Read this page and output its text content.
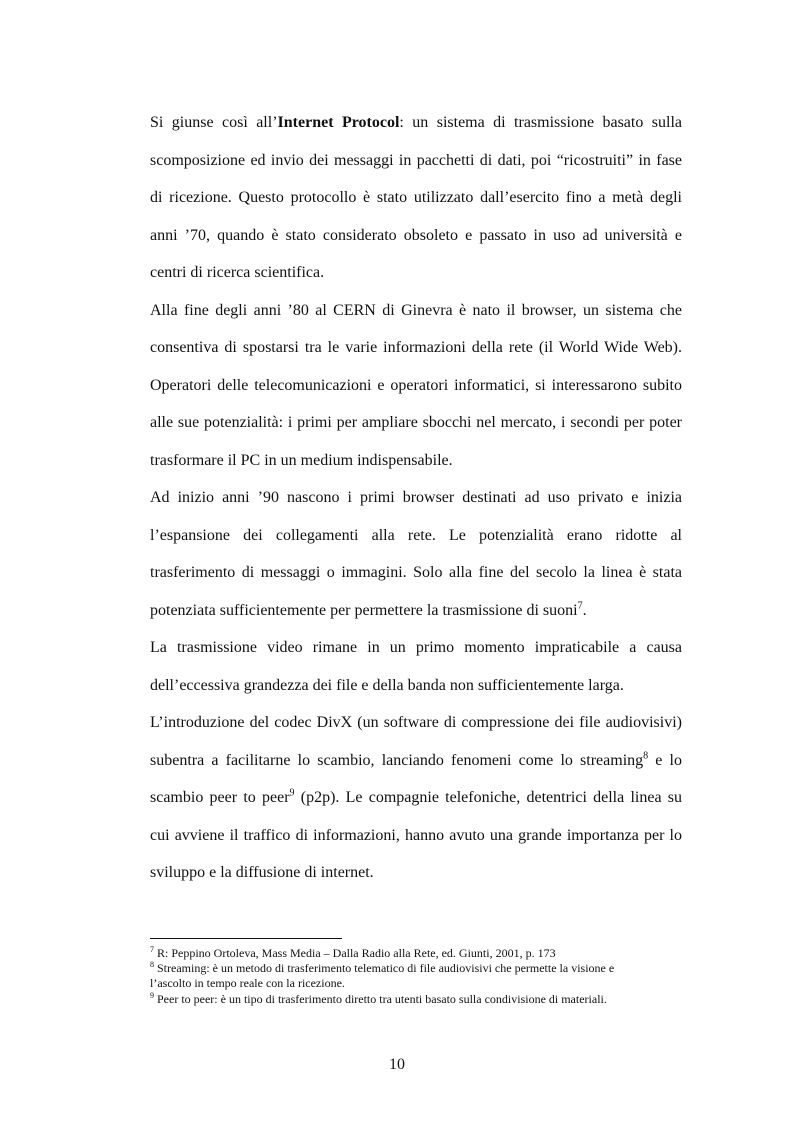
Si giunse così all’Internet Protocol: un sistema di trasmissione basato sulla
scomposizione ed invio dei messaggi in pacchetti di dati, poi “ricostruiti” in fase
di ricezione. Questo protocollo è stato utilizzato dall’esercito fino a metà degli
anni ’70, quando è stato considerato obsoleto e passato in uso ad università e
centri di ricerca scientifica.

Alla fine degli anni ’80 al CERN di Ginevra è nato il browser, un sistema che
consentiva di spostarsi tra le varie informazioni della rete (il World Wide Web).
Operatori delle telecomunicazioni e operatori informatici, si interessarono subito
alle sue potenzialità: i primi per ampliare sbocchi nel mercato, i secondi per poter
trasformare il PC in un medium indispensabile.

Ad inizio anni ’90 nascono i primi browser destinati ad uso privato e inizia
l’espansione dei collegamenti alla rete. Le potenzialità erano ridotte al
trasferimento di messaggi o immagini. Solo alla fine del secolo la linea è stata
potenziata sufficientemente per permettere la trasmissione di suoni$^7$.

La trasmissione video rimane in un primo momento impraticabile a causa
dell’eccessiva grandezza dei file e della banda non sufficientemente larga.

L’introduzione del codec DivX (un software di compressione dei file audiovisivi)
subentra a facilitarne lo scambio, lanciando fenomeni come lo streaming$^8$ e lo
scambio peer to peer$^9$ (p2p). Le compagnie telefoniche, detentrici della linea su
cui avviene il traffico di informazioni, hanno avuto una grande importanza per lo
sviluppo e la diffusione di internet.

$^7$ R: Peppino Ortoleva, Mass Media – Dalla Radio alla Rete, ed. Giunti, 2001, p. 173
$^8$ Streaming: è un metodo di trasferimento telematico di file audiovisivi che permette la visione e
l’ascolto in tempo reale con la ricezione.
$^9$ Peer to peer: è un tipo di trasferimento diretto tra utenti basato sulla condivisione di materiali.
10
